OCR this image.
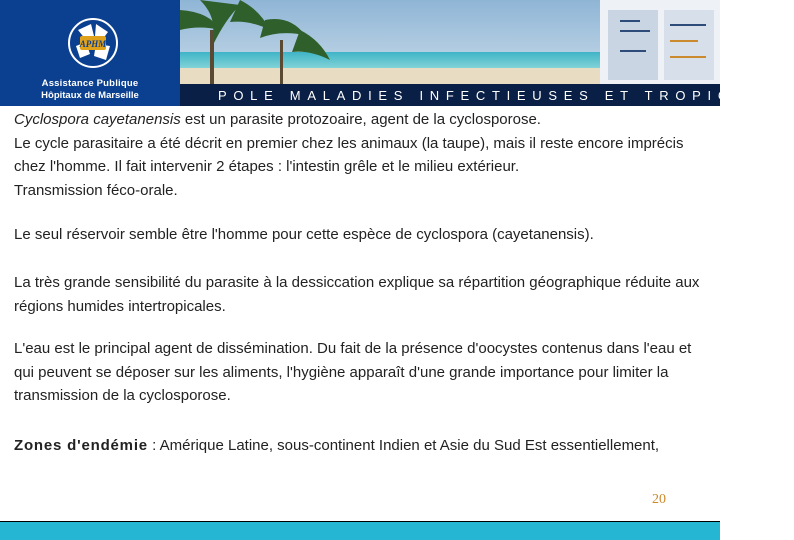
APHM
Assistance Publique
Hôpitaux de Marseille	POLE MALADIES INFECTIEUSES ET TROPICALES

Cyclospora cayetanensis est un parasite protozoaire, agent de la cyclosporose.

Le cycle parasitaire a été décrit en premier chez les animaux (la taupe), mais il reste encore imprécis chez l'homme. Il fait intervenir 2 étapes : l'intestin grêle et le milieu extérieur.

Transmission féco-orale.

Le seul réservoir semble être l'homme pour cette espèce de cyclospora (cayetanensis).

La très grande sensibilité du parasite à la dessiccation explique sa répartition géographique réduite aux régions humides intertropicales.

L'eau est le principal agent de dissémination. Du fait de la présence d'oocystes contenus dans l'eau et qui peuvent se déposer sur les aliments, l'hygiène apparaît d'une grande importance pour limiter la transmission de la cyclosporose.

Zones d'endémie : Amérique Latine, sous-continent Indien et Asie du Sud Est essentiellement,

20
